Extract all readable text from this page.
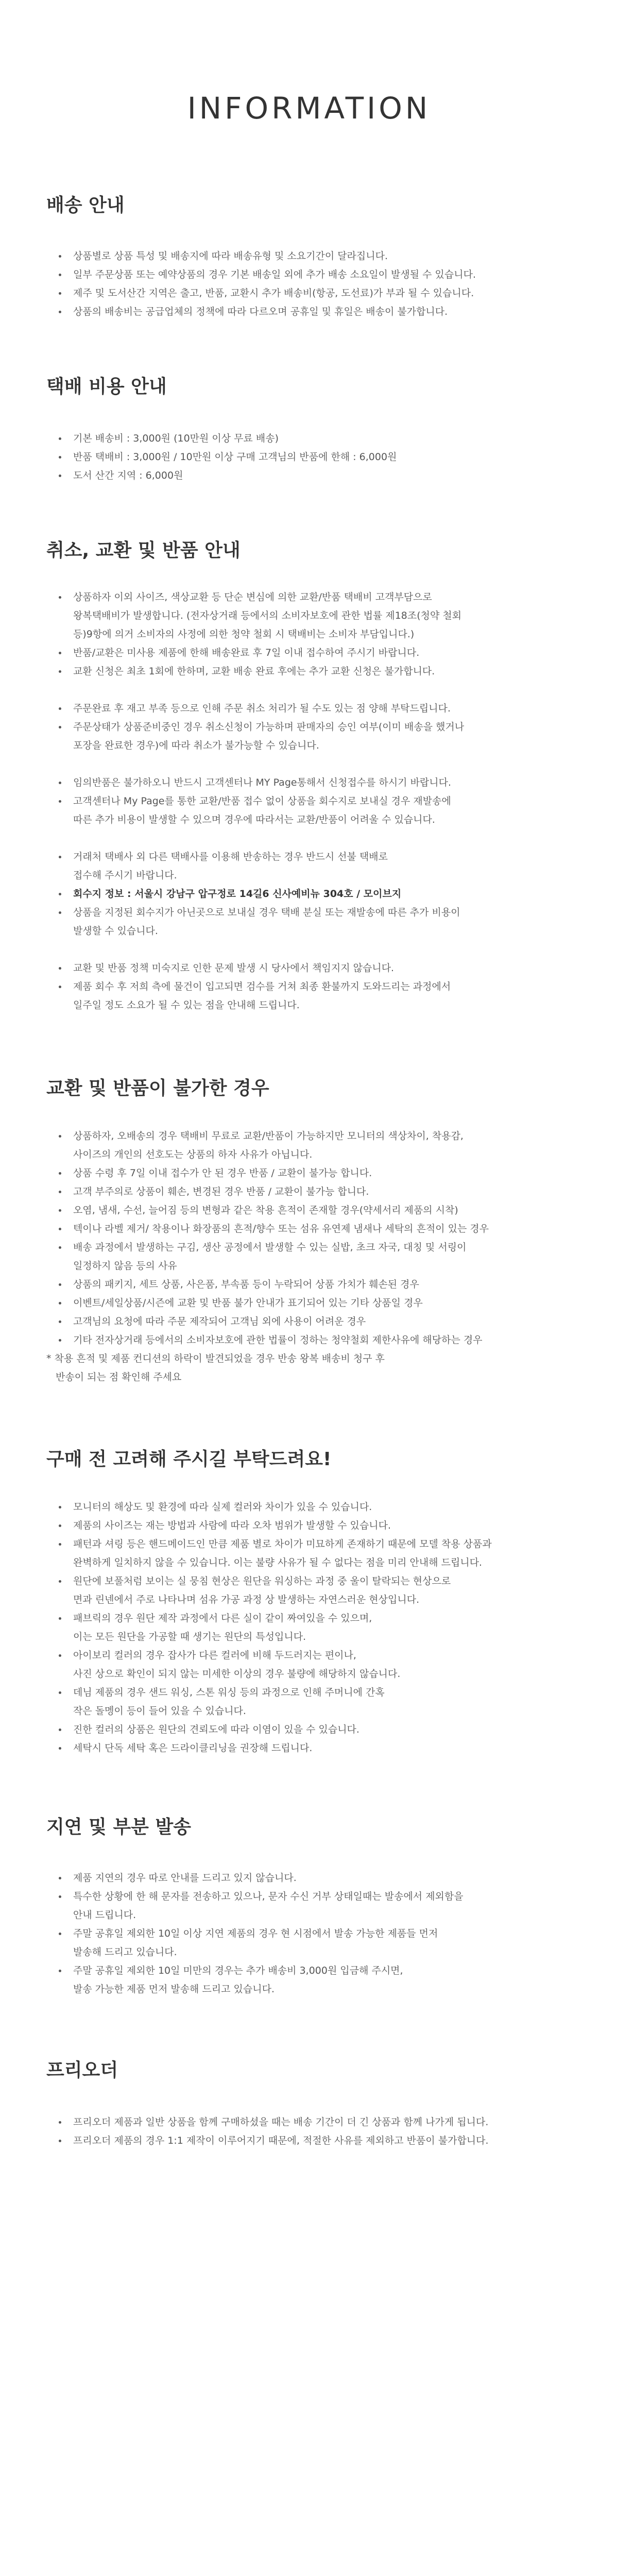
INFORMATION
배송 안내
상품별로 상품 특성 및 배송지에 따라 배송유형 및 소요기간이 달라집니다.
일부 주문상품 또는 예약상품의 경우 기본 배송일 외에 추가 배송 소요일이 발생될 수 있습니다.
제주 및 도서산간 지역은 출고, 반품, 교환시 추가 배송비(항공, 도선료)가 부과 될 수 있습니다.
상품의 배송비는 공급업체의 정책에 따라 다르오며 공휴일 및 휴일은 배송이 불가합니다.
택배 비용 안내
기본 배송비 : 3,000원 (10만원 이상 무료 배송)
반품 택배비 : 3,000원 / 10만원 이상 구매 고객님의 반품에 한해 : 6,000원
도서 산간 지역 : 6,000원
취소, 교환 및 반품 안내
상품하자 이외 사이즈, 색상교환 등 단순 변심에 의한 교환/반품 택배비 고객부담으로
왕복택배비가 발생합니다. (전자상거래 등에서의 소비자보호에 관한 법률 제18조(청약 철회
등)9항에 의거 소비자의 사정에 의한 청약 철회 시 택배비는 소비자 부담입니다.)
반품/교환은 미사용 제품에 한해 배송완료 후 7일 이내 접수하여 주시기 바랍니다.
교환 신청은 최초 1회에 한하며, 교환 배송 완료 후에는 추가 교환 신청은 불가합니다.
주문완료 후 재고 부족 등으로 인해 주문 취소 처리가 될 수도 있는 점 양해 부탁드립니다.
주문상태가 상품준비중인 경우 취소신청이 가능하며 판매자의 승인 여부(이미 배송을 했거나
포장을 완료한 경우)에 따라 취소가 불가능할 수 있습니다.
임의반품은 불가하오니 반드시 고객센터나 MY Page통해서 신청접수를 하시기 바랍니다.
고객센터나 My Page를 통한 교환/반품 접수 없이 상품을 회수지로 보내실 경우 재발송에
따른 추가 비용이 발생할 수 있으며 경우에 따라서는 교환/반품이 어려울 수 있습니다.
거래처 택배사 외 다른 택배사를 이용해 반송하는 경우 반드시 선불 택배로
접수해 주시기 바랍니다.
회수지 정보 : 서울시 강남구 압구정로 14길6 신사예비뉴 304호 / 모이브지
상품을 지정된 회수지가 아닌곳으로 보내실 경우 택배 분실 또는 재발송에 따른 추가 비용이
발생할 수 있습니다.
교환 및 반품 정책 미숙지로 인한 문제 발생 시 당사에서 책임지지 않습니다.
제품 회수 후 저희 측에 물건이 입고되면 검수를 거쳐 최종 환불까지 도와드리는 과정에서
일주일 정도 소요가 될 수 있는 점을 안내해 드립니다.
교환 및 반품이 불가한 경우
상품하자, 오배송의 경우 택배비 무료로 교환/반품이 가능하지만 모니터의 색상차이, 착용감,
사이즈의 개인의 선호도는 상품의 하자 사유가 아닙니다.
상품 수령 후 7일 이내 접수가 안 된 경우 반품 / 교환이 불가능 합니다.
고객 부주의로 상품이 훼손, 변경된 경우 반품 / 교환이 불가능 합니다.
오염, 냄새, 수선, 늘어짐 등의 변형과 같은 착용 흔적이 존재할 경우(약세서리 제품의 시착)
텍이나 라벨 제거/ 착용이나 화장품의 흔적/향수 또는 섬유 유연제 냄새나 세탁의 흔적이 있는 경우
배송 과정에서 발생하는 구김, 생산 공정에서 발생할 수 있는 실밥, 초크 자국, 대칭 및 서링이
일정하지 않음 등의 사유
상품의 패키지, 세트 상품, 사은품, 부속품 등이 누락되어 상품 가치가 훼손된 경우
이벤트/세일상품/시즌에 교환 및 반품 불가 안내가 표기되어 있는 기타 상품일 경우
고객님의 요청에 따라 주문 제작되어 고객님 외에 사용이 어려운 경우
기타 전자상거래 등에서의 소비자보호에 관한 법률이 정하는 청약철회 제한사유에 해당하는 경우

* 착용 흔적 및 제품 컨디션의 하락이 발견되었을 경우 반송 왕복 배송비 청구 후
반송이 되는 점 확인해 주세요

구매 전 고려해 주시길 부탁드려요!
모니터의 해상도 및 환경에 따라 실제 컬러와 차이가 있을 수 있습니다.
제품의 사이즈는 재는 방법과 사람에 따라 오차 범위가 발생할 수 있습니다.
패턴과 셔링 등은 핸드메이드인 만큼 제품 별로 차이가 미묘하게 존재하기 때문에 모델 착용 상품과
완벽하게 일치하지 않을 수 있습니다. 이는 불량 사유가 될 수 없다는 점을 미리 안내해 드립니다.
원단에 보풀처럼 보이는 실 뭉침 현상은 원단을 워싱하는 과정 중 울이 탈락되는 현상으로
면과 린넨에서 주로 나타나며 섬유 가공 과정 상 발생하는 자연스러운 현상입니다.
패브릭의 경우 원단 제작 과정에서 다른 실이 같이 짜여있을 수 있으며,
이는 모든 원단을 가공할 때 생기는 원단의 특성입니다.
아이보리 컬러의 경우 잡사가 다른 컬러에 비해 두드러지는 편이나,
사진 상으로 확인이 되지 않는 미세한 이상의 경우 불량에 해당하지 않습니다.
데님 제품의 경우 샌드 워싱, 스톤 워싱 등의 과정으로 인해 주머니에 간혹
작은 돌멩이 등이 들어 있을 수 있습니다.
진한 컬러의 상품은 원단의 견뢰도에 따라 이염이 있을 수 있습니다.
세탁시 단독 세탁 혹은 드라이클리닝을 권장해 드립니다.
지연 및 부분 발송
제품 지연의 경우 따로 안내를 드리고 있지 않습니다.
특수한 상황에 한 해 문자를 전송하고 있으나, 문자 수신 거부 상태일때는 발송에서 제외함을
안내 드립니다.
주말 공휴일 제외한 10일 이상 지연 제품의 경우 현 시점에서 발송 가능한 제품들 먼저
발송해 드리고 있습니다.
주말 공휴일 제외한 10일 미만의 경우는 추가 배송비 3,000원 입금해 주시면,
발송 가능한 제품 먼저 발송해 드리고 있습니다.
프리오더
프리오더 제품과 일반 상품을 함께 구매하셨을 때는 배송 기간이 더 긴 상품과 함께 나가게 됩니다.
프리오더 제품의 경우 1:1 제작이 이루어지기 때문에, 적절한 사유를 제외하고 반품이 불가합니다.
